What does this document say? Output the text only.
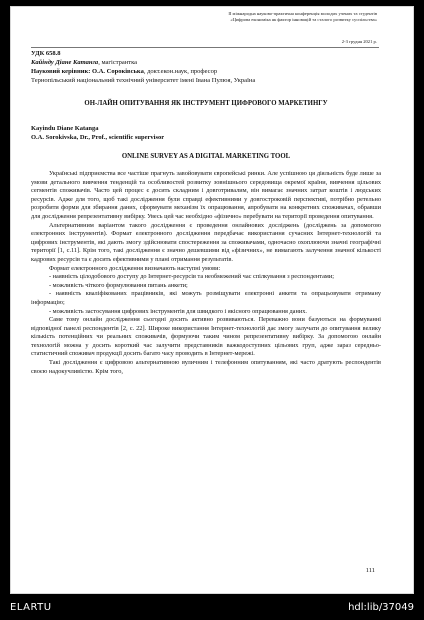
ІІ міжнародна науково-практична конференція молодих учених та студентів
«Цифрова економіка як фактор інновацій та сталого розвитку суспільства»
2-3 грудня 2021 р.
УДК 658.8
Кайінду Діане Катанга, магістрантка
Науковий керівник: О.А. Сороківська, докт.екон.наук, професор
Тернопільський національний технічний університет імені Івана Пулюя, Україна
ОН-ЛАЙН ОПИТУВАННЯ ЯК ІНСТРУМЕНТ ЦИФРОВОГО МАРКЕТИНГУ
Kayindu Diane Katanga
O.A. Sorokivska, Dr., Prof., scientific supervisor
ONLINE SURVEY AS A DIGITAL MARKETING TOOL

Українські підприємства все частіше прагнуть завойовувати європейські ринки. Але успішною ця діяльність буде лише за умови детального вивчення тенденцій та особливостей розвитку зовнішнього середовища окремої країни, вивчення цільових сегментів споживачів. Часто цей процес є досить складним і довготривалим, він вимагає значних затрат коштів і людських ресурсів. Адже для того, щоб такі дослідження були справді ефективними у довгостроковій перспективі, потрібно ретельно розробити форми для збирання даних, сформувати механізм їх опрацювання, апробувати на конкретних споживачах, обравши для дослідження репрезентативну вибірку. Увесь цей час необхідно «фізично» перебувати на території проведення опитування.

Альтернативним варіантом такого дослідження є проведення онлайнових досліджень (досліджень за допомогою електронних інструментів). Формат електронного дослідження передбачає використання сучасних Інтернет-технологій та цифрових інструментів, які дають змогу здійснювати спостереження за споживачами, одночасно охоплюючи значні географічні території [1, с.11]. Крім того, такі дослідження є значно дешевшими від «фізичних», не вимагають залучення значної кількості кадрових ресурсів та є досить ефективними у плані отримання результатів.

Формат електронного дослідження визначають наступні умови:

- наявність цілодобового доступу до Інтернет-ресурсів та необмежений час спілкування з респондентами;

- можливість чіткого формулювання питань анкети;

- наявність кваліфікованих працівників, які можуть розміщувати електронні анкети та опрацьовувати отриману інформацію;

- можливість застосування цифрових інструментів для швидкого і якісного опрацювання даних.

Саме тому онлайн дослідження сьогодні досить активно розвиваються. Переважно вони базуються на формуванні відповідної панелі респондентів [2, с. 22]. Широке використання Інтернет-технологій дає змогу залучати до опитування велику кількість потенційних чи реальних споживачів, формуючи таким чином репрезентативну вибірку. За допомогою онлайн технологій можна у досить короткий час залучити представників важкодоступних цільових груп, адже зараз середньо-статистичний споживач продукції досить багато часу проводить в Інтернет-мережі.

Такі дослідження є цифровою альтернативною вуличним і телефонним опитуванням, які часто дратують респондентів своєю надокучливістю. Крім того,

111
ELARTU	hdl:lib/37049
